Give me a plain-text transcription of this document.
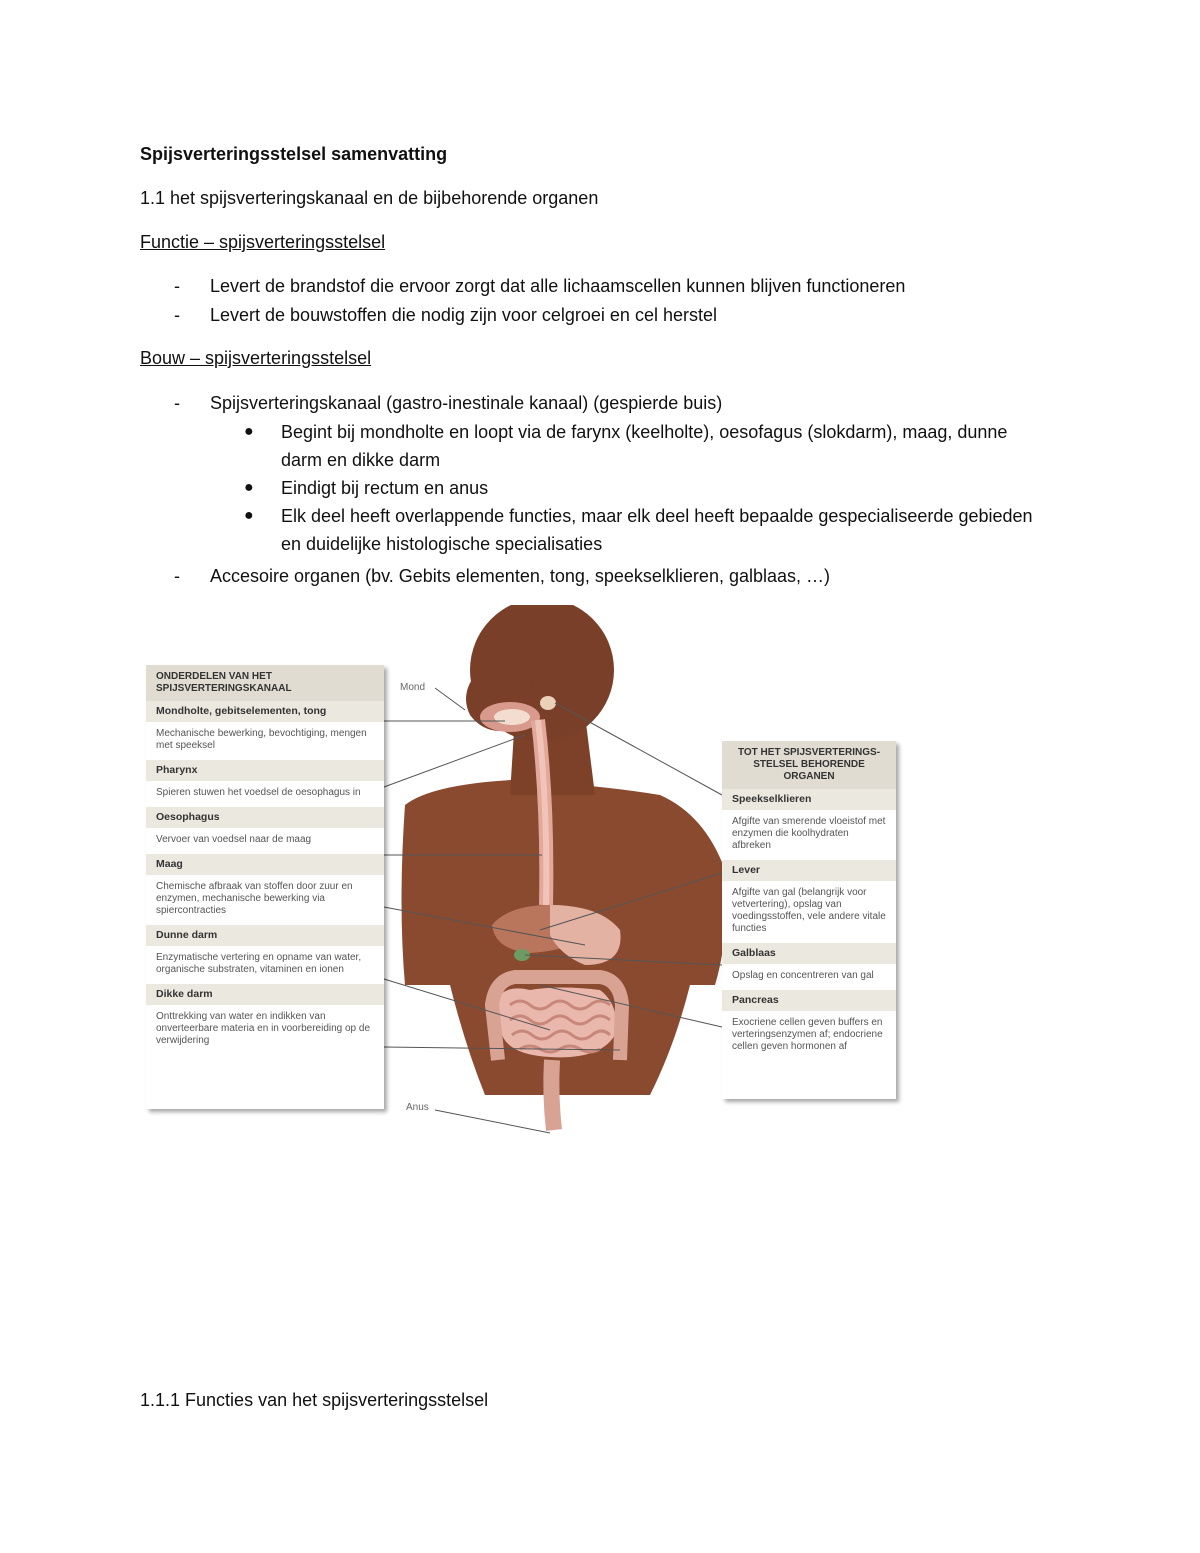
Spijsverteringsstelsel samenvatting
1.1 het spijsverteringskanaal en de bijbehorende organen
Functie – spijsverteringsstelsel
- Levert de brandstof die ervoor zorgt dat alle lichaamscellen kunnen blijven functioneren
- Levert de bouwstoffen die nodig zijn voor celgroei en cel herstel
Bouw – spijsverteringsstelsel
- Spijsverteringskanaal (gastro-inestinale kanaal) (gespierde buis)
● Begint bij mondholte en loopt via de farynx (keelholte), oesofagus (slokdarm), maag, dunne darm en dikke darm
● Eindigt bij rectum en anus
● Elk deel heeft overlappende functies, maar elk deel heeft bepaalde gespecialiseerde gebieden en duidelijke histologische specialisaties
- Accesoire organen (bv. Gebits elementen, tong, speekselklieren, galblaas, …)
Mond
Anus
ONDERDELEN VAN HET SPIJSVERTERINGSKANAAL
Mondholte, gebitselementen, tong
Mechanische bewerking, bevochtiging, mengen met speeksel
Pharynx
Spieren stuwen het voedsel de oesophagus in
Oesophagus
Vervoer van voedsel naar de maag
Maag
Chemische afbraak van stoffen door zuur en enzymen, mechanische bewerking via spiercontracties
Dunne darm
Enzymatische vertering en opname van water, organische substraten, vitaminen en ionen
Dikke darm
Onttrekking van water en indikken van onverteerbare materia en in voorbereiding op de verwijdering
TOT HET SPIJSVERTERINGS-STELSEL BEHORENDE ORGANEN
Speekselklieren
Afgifte van smerende vloeistof met enzymen die koolhydraten afbreken
Lever
Afgifte van gal (belangrijk voor vetvertering), opslag van voedingsstoffen, vele andere vitale functies
Galblaas
Opslag en concentreren van gal
Pancreas
Exocriene cellen geven buffers en verteringsenzymen af; endocriene cellen geven hormonen af
1.1.1 Functies van het spijsverteringsstelsel
